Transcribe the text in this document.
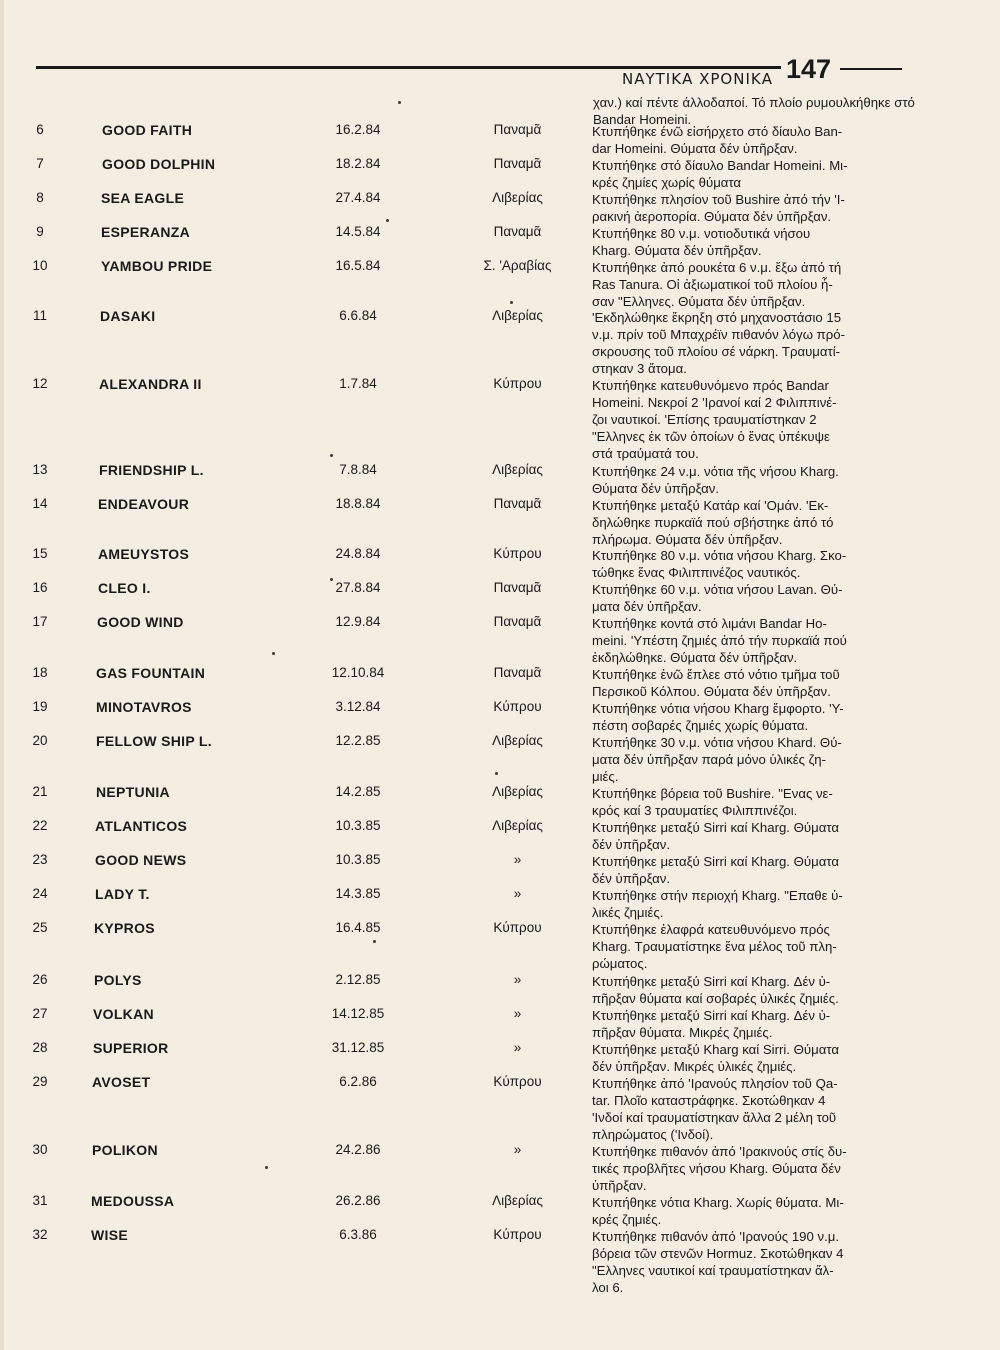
ΝΑΥΤΙΚΑ ΧΡΟΝΙΚΑ 147
χαν.) καί πέντε άλλοδαποί. Τό πλοίο ρυμουλκήθηκε στό Bandar Homeini.
6	GOOD FAITH	16.2.84	Παναμᾶ	Κτυπήθηκε ένῶ εἰσήρχετο στό δίαυλο Ban-
dar Homeini. Θύματα δέν ὑπῆρξαν.
7	GOOD DOLPHIN	18.2.84	Παναμᾶ	Κτυπήθηκε στό δίαυλο Bandar Homeini. Μι-
κρές ζημίες χωρίς θύματα
8	SEA EAGLE	27.4.84	Λιβερίας	Κτυπήθηκε πλησίον τοῦ Bushire ἀπό τήν 'Ι-
ρακινή ἀεροπορία. Θύματα δέν ὑπῆρξαν.
9	ESPERANZA	14.5.84	Παναμᾶ	Κτυπήθηκε 80 ν.μ. νοτιοδυτικά νήσου
Kharg. Θύματα δέν ὑπῆρξαν.
10	YAMBOU PRIDE	16.5.84	Σ. 'Αραβίας	Κτυπήθηκε ἀπό ρουκέτα 6 ν.μ. ἔξω ἀπό τή
Ras Tanura. Οἱ ἀξιωματικοί τοῦ πλοίου ἦ-
σαν "Ελληνες. Θύματα δέν ὑπῆρξαν.
11	DASAKI	6.6.84	Λιβερίας	'Εκδηλώθηκε ἔκρηξη στό μηχανοστάσιο 15
ν.μ. πρίν τοῦ Μπαχρέϊν πιθανόν λόγω πρό-
σκρουσης τοῦ πλοίου σέ νάρκη. Τραυματί-
στηκαν 3 ἄτομα.
12	ALEXANDRA II	1.7.84	Κύπρου	Κτυπήθηκε κατευθυνόμενο πρός Bandar
Homeini. Νεκροί 2 'Ιρανοί καί 2 Φιλιππινέ-
ζοι ναυτικοί. 'Επίσης τραυματίστηκαν 2
"Ελληνες ἐκ τῶν ὁποίων ὁ ἕνας ὑπέκυψε
στά τραύματά του.
13	FRIENDSHIP L.	7.8.84	Λιβερίας	Κτυπήθηκε 24 ν.μ. νότια τῆς νήσου Kharg.
Θύματα δέν ὑπῆρξαν.
14	ENDEAVOUR	18.8.84	Παναμᾶ	Κτυπήθηκε μεταξύ Κατάρ καί 'Ομάν. 'Εκ-
δηλώθηκε πυρκαϊά πού σβήστηκε ἀπό τό
πλήρωμα. Θύματα δέν ὑπῆρξαν.
15	AMEUYSTOS	24.8.84	Κύπρου	Κτυπήθηκε 80 ν.μ. νότια νήσου Kharg. Σκο-
τώθηκε ἕνας Φιλιππινέζος ναυτικός.
16	CLEO I.	27.8.84	Παναμᾶ	Κτυπήθηκε 60 ν.μ. νότια νήσου Lavan. Θύ-
ματα δέν ὑπῆρξαν.
17	GOOD WIND	12.9.84	Παναμᾶ	Κτυπήθηκε κοντά στό λιμάνι Bandar Ho-
meini. 'Υπέστη ζημιές ἀπό τήν πυρκαϊά πού
ἐκδηλώθηκε. Θύματα δέν ὑπῆρξαν.
18	GAS FOUNTAIN	12.10.84	Παναμᾶ	Κτυπήθηκε ἐνῶ ἔπλεε στό νότιο τμῆμα τοῦ
Περσικοῦ Κόλπου. Θύματα δέν ὑπῆρξαν.
19	MINOTAVROS	3.12.84	Κύπρου	Κτυπήθηκε νότια νήσου Kharg ἔμφορτο. 'Υ-
πέστη σοβαρές ζημιές χωρίς θύματα.
20	FELLOW SHIP L.	12.2.85	Λιβερίας	Κτυπήθηκε 30 ν.μ. νότια νήσου Khard. Θύ-
ματα δέν ὑπῆρξαν παρά μόνο ὑλικές ζη-
μιές.
21	NEPTUNIA	14.2.85	Λιβερίας	Κτυπήθηκε βόρεια τοῦ Bushire. "Ενας νε-
κρός καί 3 τραυματίες Φιλιππινέζοι.
22	ATLANTICOS	10.3.85	Λιβερίας	Κτυπήθηκε μεταξύ Sirri καί Kharg. Θύματα
δέν ὑπῆρξαν.
23	GOOD NEWS	10.3.85	»	Κτυπήθηκε μεταξύ Sirri καί Kharg. Θύματα
δέν ὑπῆρξαν.
24	LADY T.	14.3.85	»	Κτυπήθηκε στήν περιοχή Kharg. "Επαθε ὑ-
λικές ζημιές.
25	KYPROS	16.4.85	Κύπρου	Κτυπήθηκε ἐλαφρά κατευθυνόμενο πρός
Kharg. Τραυματίστηκε ἕνα μέλος τοῦ πλη-
ρώματος.
26	POLYS	2.12.85	»	Κτυπήθηκε μεταξύ Sirri καί Kharg. Δέν ὑ-
πῆρξαν θύματα καί σοβαρές ὑλικές ζημιές.
27	VOLKAN	14.12.85	»	Κτυπήθηκε μεταξύ Sirri καί Kharg. Δέν ὑ-
πῆρξαν θύματα. Μικρές ζημιές.
28	SUPERIOR	31.12.85	»	Κτυπήθηκε μεταξύ Kharg καί Sirri. Θύματα
δέν ὑπῆρξαν. Μικρές ὑλικές ζημιές.
29	AVOSET	6.2.86	Κύπρου	Κτυπήθηκε ἀπό 'Ιρανούς πλησίον τοῦ Qa-
tar. Πλοῖο καταστράφηκε. Σκοτώθηκαν 4
'Ινδοί καί τραυματίστηκαν ἄλλα 2 μέλη τοῦ
πληρώματος ('Ινδοί).
30	POLIKON	24.2.86	»	Κτυπήθηκε πιθανόν ἀπό 'Ιρακινούς στίς δυ-
τικές προβλῆτες νήσου Kharg. Θύματα δέν
ὑπῆρξαν.
31	MEDOUSSA	26.2.86	Λιβερίας	Κτυπήθηκε νότια Kharg. Χωρίς θύματα. Μι-
κρές ζημιές.
32	WISE	6.3.86	Κύπρου	Κτυπήθηκε πιθανόν ἀπό 'Ιρανούς 190 ν.μ.
βόρεια τῶν στενῶν Hormuz. Σκοτώθηκαν 4
"Ελληνες ναυτικοί καί τραυματίστηκαν ἄλ-
λοι 6.
